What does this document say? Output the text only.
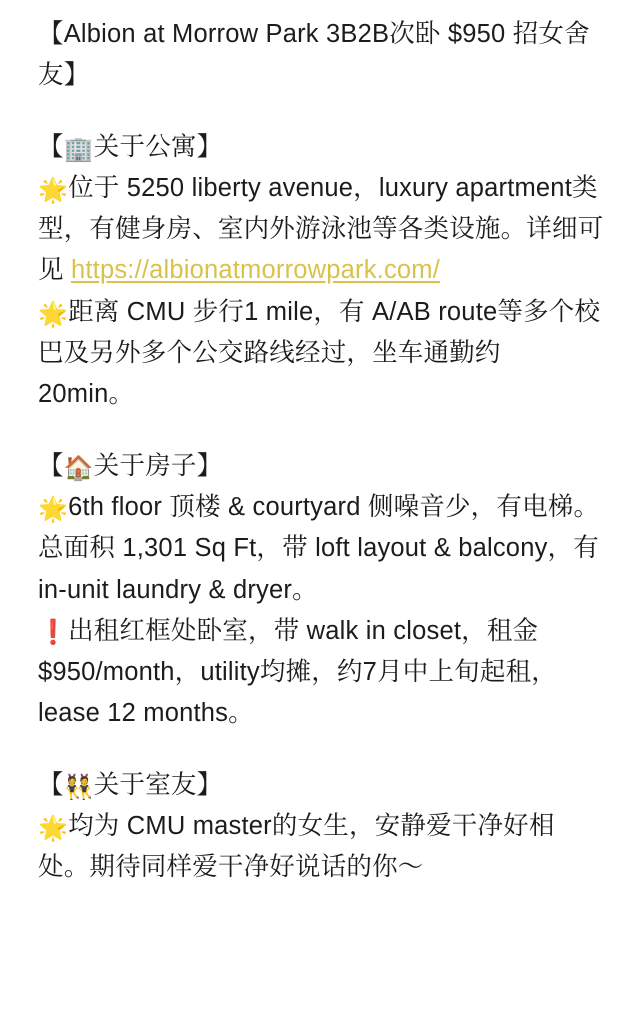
【Albion at Morrow Park 3B2B次卧 $950 招女舍友】

【🏢关于公寓】

🌟位于 5250 liberty avenue，luxury apartment类型，有健身房、室内外游泳池等各类设施。详细可见 https://albionatmorrowpark.com/

🌟距离 CMU 步行1 mile，有 A/AB route等多个校巴及另外多个公交路线经过，坐车通勤约 20min。

【🏠关于房子】

🌟6th floor 顶楼 & courtyard 侧噪音少，有电梯。总面积 1,301 Sq Ft，带 loft layout & balcony，有 in-unit laundry & dryer。

❗出租红框处卧室，带 walk in closet，租金$950/month，utility均摊，约7月中上旬起租，lease 12 months。

【👯关于室友】

🌟均为 CMU master的女生，安静爱干净好相处。期待同样爱干净好说话的你～
